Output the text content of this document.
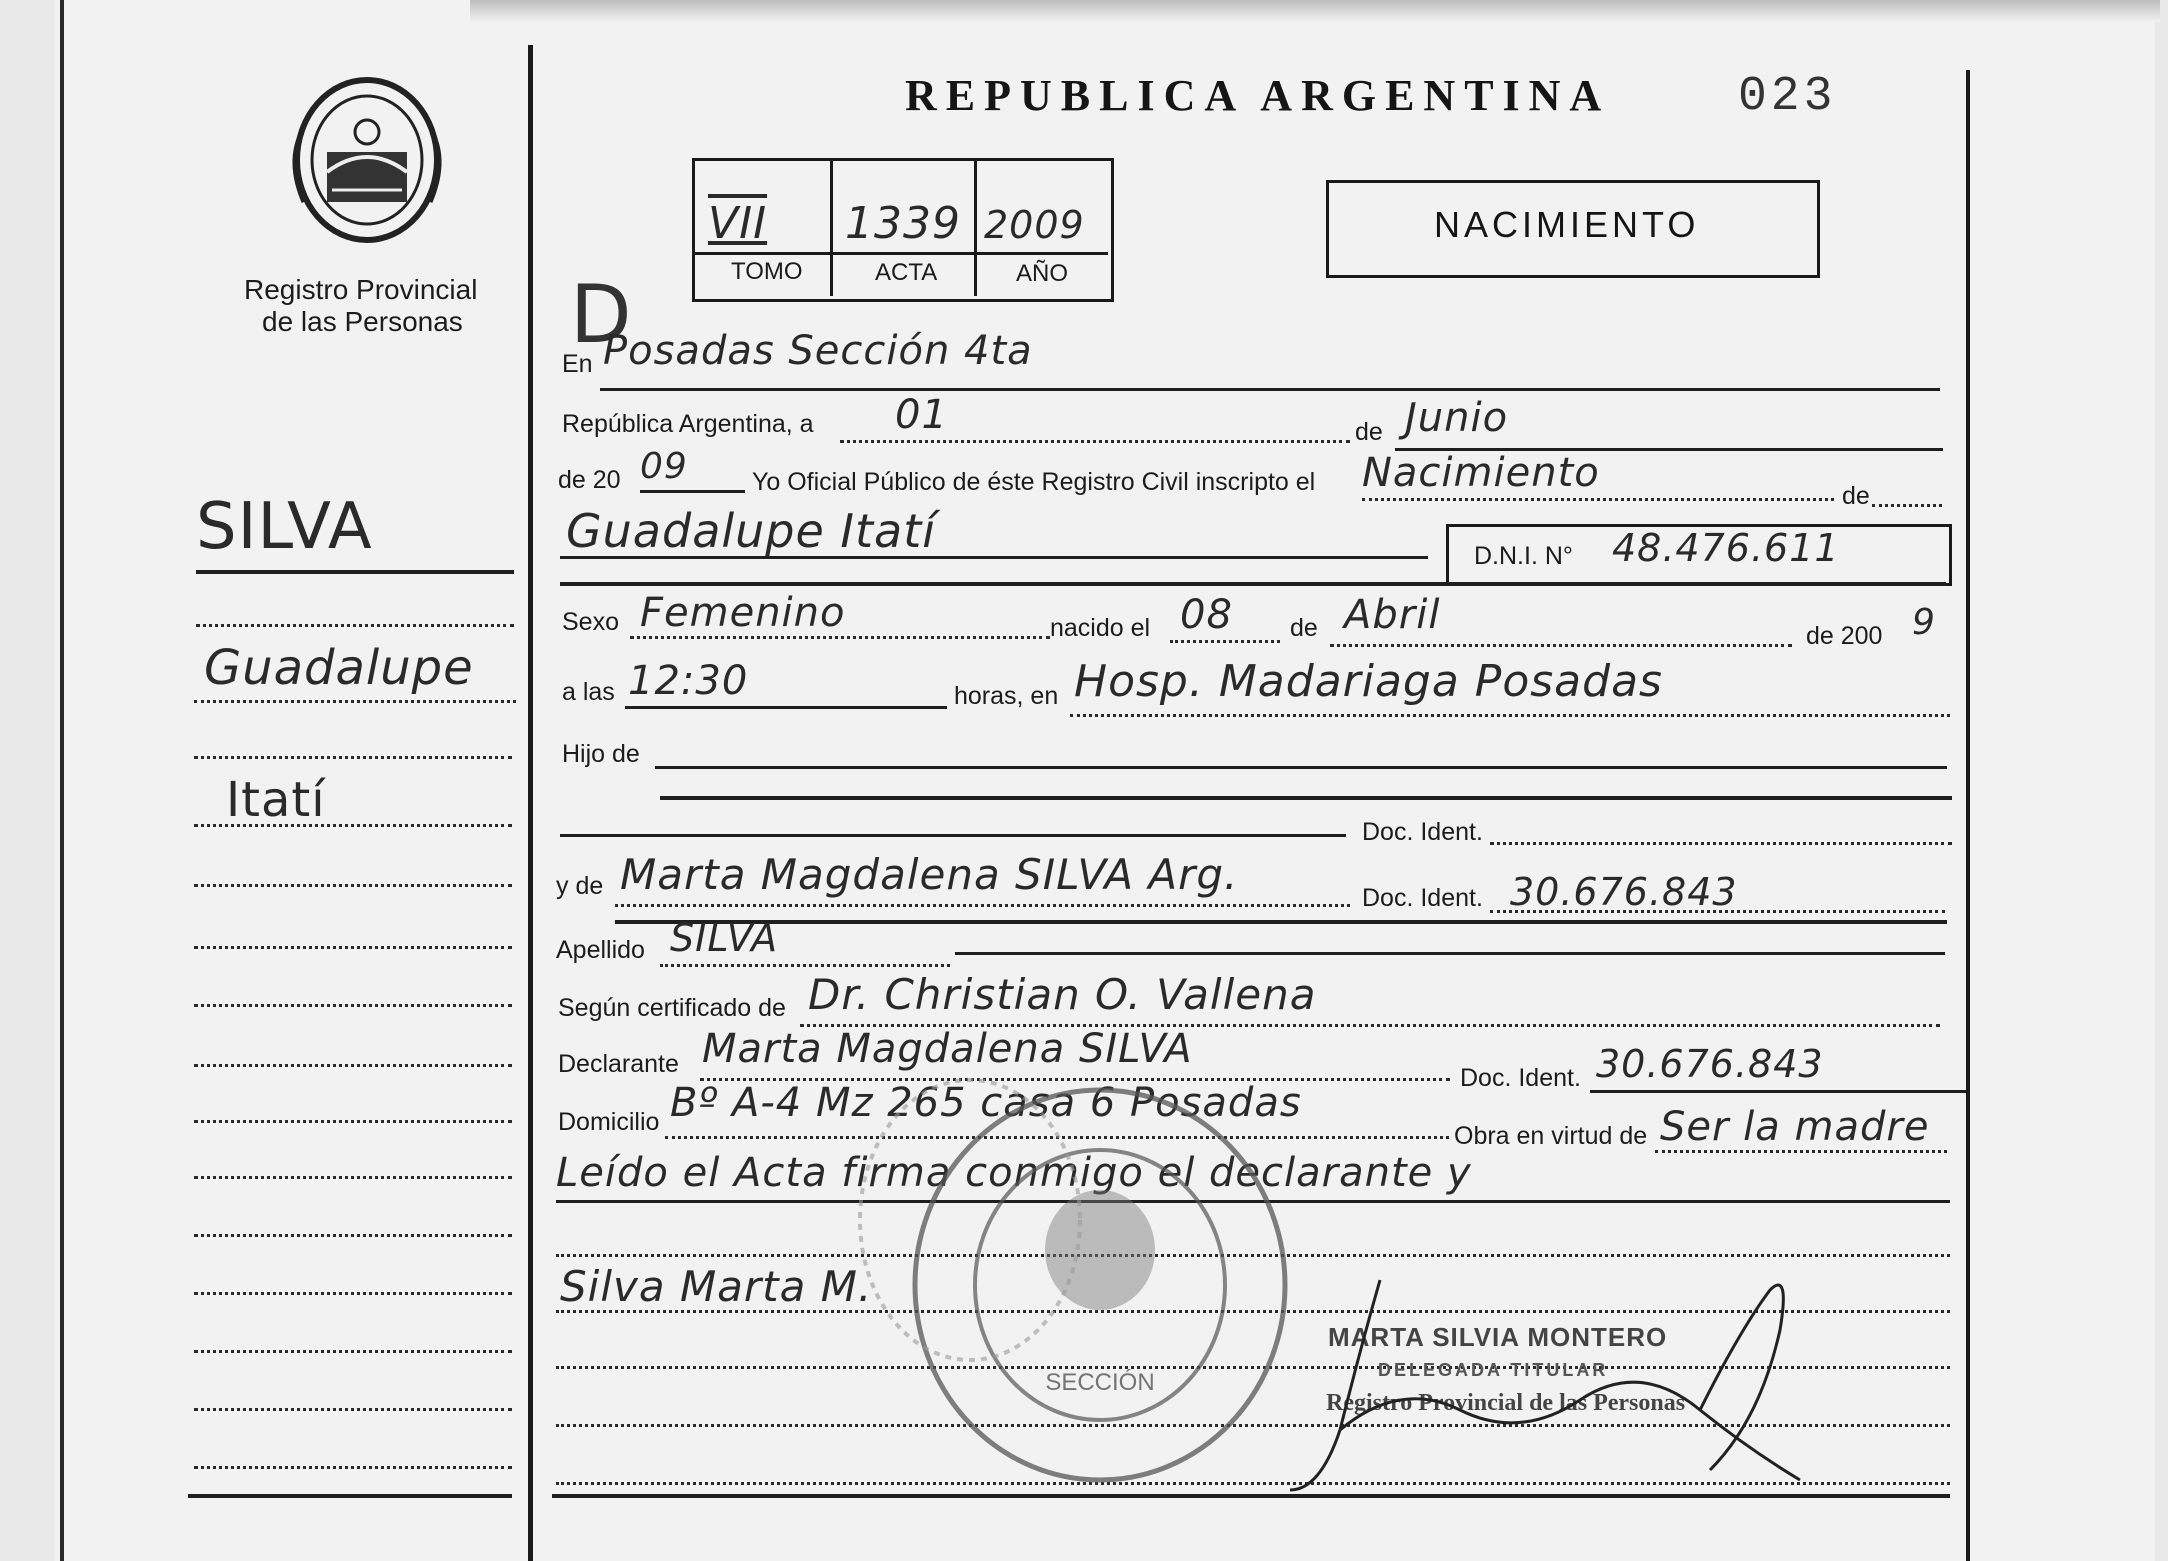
Registro Provincial
de las Personas
REPUBLICA ARGENTINA	023
VII 1339 2009
TOMO	ACTA	AÑO
NACIMIENTO
D
En Posadas Sección 4ta
República Argentina, a 01	de Junio
de 20 09	Yo Oficial Público de éste Registro Civil inscripto el Nacimiento	de
Guadalupe Itatí	D.N.I. N° 48.476.611
Sexo Femenino	nacido el 08 de Abril	de 200 9
a las 12:30	horas, en Hosp. Madariaga Posadas
Hijo de
Doc. Ident.
y de Marta Magdalena SILVA Arg.	Doc. Ident. 30.676.843
Apellido SILVA
Según certificado de Dr. Christian O. Vallena
Declarante Marta Magdalena SILVA
Doc. Ident. 30.676.843
Domicilio Bº A-4 Mz 265 casa 6 Posadas
Obra en virtud de Ser la madre
Leído el Acta firma conmigo el declarante y
Silva Marta M.
SECCIÓN
MARTA SILVIA MONTERO
DELEGADA TITULAR
Registro Provincial de las Personas
SILVA
Guadalupe
Itatí
